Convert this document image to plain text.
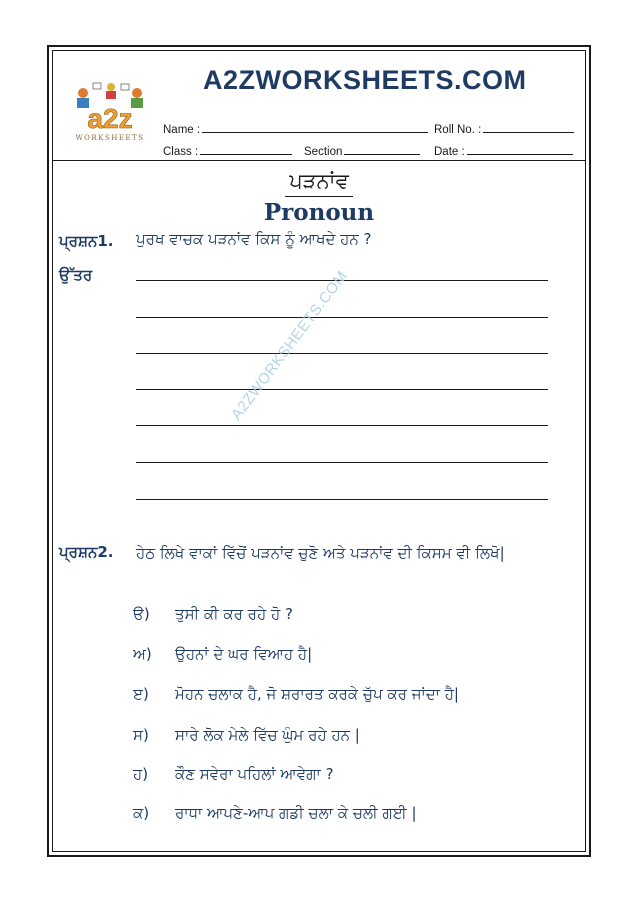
A2ZWORKSHEETS.COM
a2z
WORKSHEETS
Name :	Roll No. :
Class :	Section	Date :
ਪੜਨਾਂਵ
Pronoun
ਪ੍ਰਸ਼ਨ1. ਪੁਰਖ ਵਾਚਕ ਪੜਨਾਂਵ ਕਿਸ ਨੂੰ ਆਖਦੇ ਹਨ ?
ਉੱਤਰ
ਪ੍ਰਸ਼ਨ2. ਹੇਠ ਲਿਖੇ ਵਾਕਾਂ ਵਿੱਚੋਂ ਪੜਨਾਂਵ ਚੁਣੋ ਅਤੇ ਪੜਨਾਂਵ ਦੀ ਕਿਸਮ ਵੀ ਲਿਖੋ|
ੳ) ਤੁਸੀ ਕੀ ਕਰ ਰਹੇ ਹੋ ?
ਅ) ਉਹਨਾਂ ਦੇ ਘਰ ਵਿਆਹ ਹੈ|
ੲ) ਮੋਹਨ ਚਲਾਕ ਹੈ, ਜੋ ਸ਼ਰਾਰਤ ਕਰਕੇ ਚੁੱਪ ਕਰ ਜਾਂਦਾ ਹੈ|
ਸ) ਸਾਰੇ ਲੋਕ ਮੇਲੇ ਵਿੱਚ ਘੁੰਮ ਰਹੇ ਹਨ |
ਹ) ਕੌਣ ਸਵੇਰਾ ਪਹਿਲਾਂ ਆਵੇਗਾ ?
ਕ) ਰਾਧਾ ਆਪਣੇ-ਆਪ ਗਡੀ ਚਲਾ ਕੇ ਚਲੀ ਗਈ |
A2ZWORKSHEETS.COM
